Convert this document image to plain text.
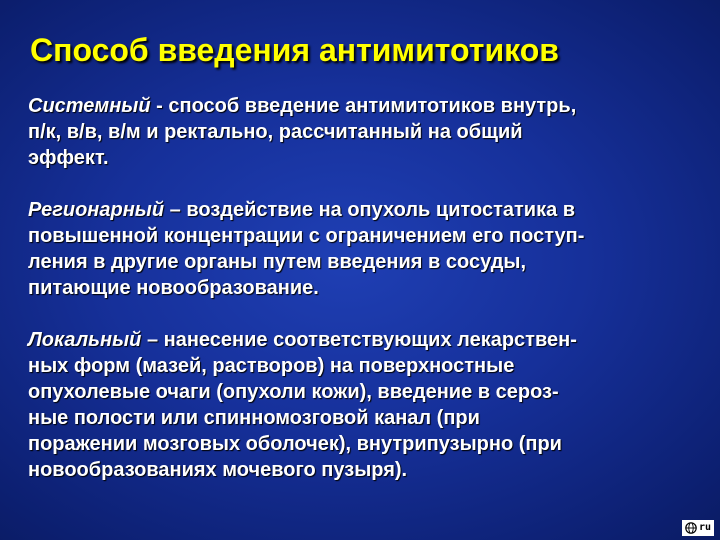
Способ введения антимитотиков

Системный - способ введение антимитотиков внутрь,
п/к, в/в, в/м и ректально, рассчитанный на общий
эффект.

Регионарный – воздействие на опухоль цитостатика в
повышенной концентрации с ограничением его поступ-
ления в другие органы путем введения в сосуды,
питающие новообразование.

Локальный – нанесение соответствующих лекарствен-
ных форм (мазей, растворов) на поверхностные
опухолевые очаги (опухоли кожи), введение в сероз-
ные полости или спинномозговой канал (при
поражении мозговых оболочек), внутрипузырно (при
новообразованиях мочевого пузыря).

ru
